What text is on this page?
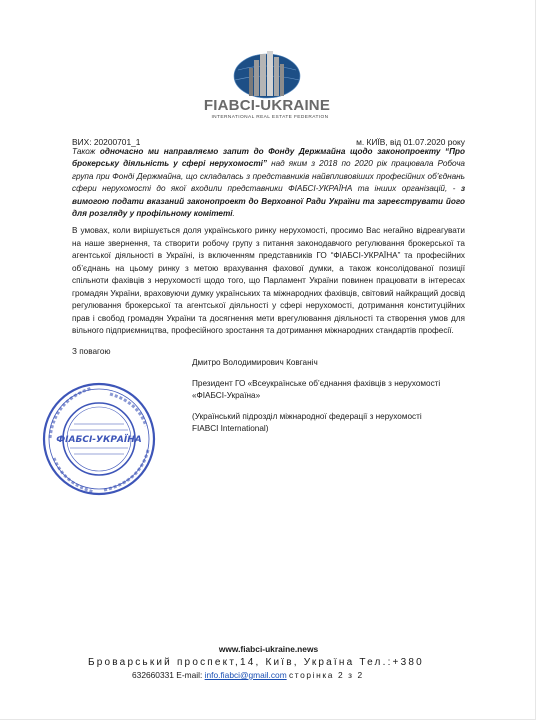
FIABCI-UKRAINE
INTERNATIONAL REAL ESTATE FEDERATION
ВИХ: 20200701_1	м. КИЇВ, від 01.07.2020 року
Також одночасно ми направляємо запит до Фонду Держмайна щодо законопроекту “Про брокерську діяльність у сфері нерухомості” над яким з 2018 по 2020 рік працювала Робоча група при Фонді Держмайна, що складалась з представників найвпливовіших професійних об’єднань сфери нерухомості до якої входили представники ФІАБСІ-УКРАЇНА та інших організацій, - з вимогою подати вказаний законопроект до Верховної Ради України та зареєструвати його для розгляду у профільному комітеті.
В умовах, коли вирішується доля українського ринку нерухомості, просимо Вас негайно відреагувати на наше звернення, та створити робочу групу з питання законодавчого регулювання брокерської та агентської діяльності в Україні, із включенням представників ГО “ФІАБСІ-УКРАЇНА” та професійних об’єднань на цьому ринку з метою врахування фахової думки, а також консолідованої позиції спільноти фахівців з нерухомості щодо того, що Парламент України повинен працювати в інтересах громадян України, враховуючи думку українських та міжнародних фахівців, світовий найкращий досвід регулювання брокерської та агентської діяльності у сфері нерухомості, дотримання конституційних прав і свобод громадян України та досягнення мети врегулювання діяльності та створення умов для вільного підприємництва, професійного зростання та дотримання міжнародних стандартів професії.
З повагою
Дмитро Володимирович Ковганіч
Президент ГО «Всеукраїнське об’єднання фахівців з нерухомості
«ФІАБСІ-Україна»
(Український підрозділ міжнародної федерації з нерухомості
FIABCI International)
ФІАБСІ-УКРАЇНА
www.fiabci-ukraine.news
Броварський проспект,14, Київ, Україна Тел.:+380
632660331 E-mail: info.fiabci@gmail.com сторінка 2 з 2
